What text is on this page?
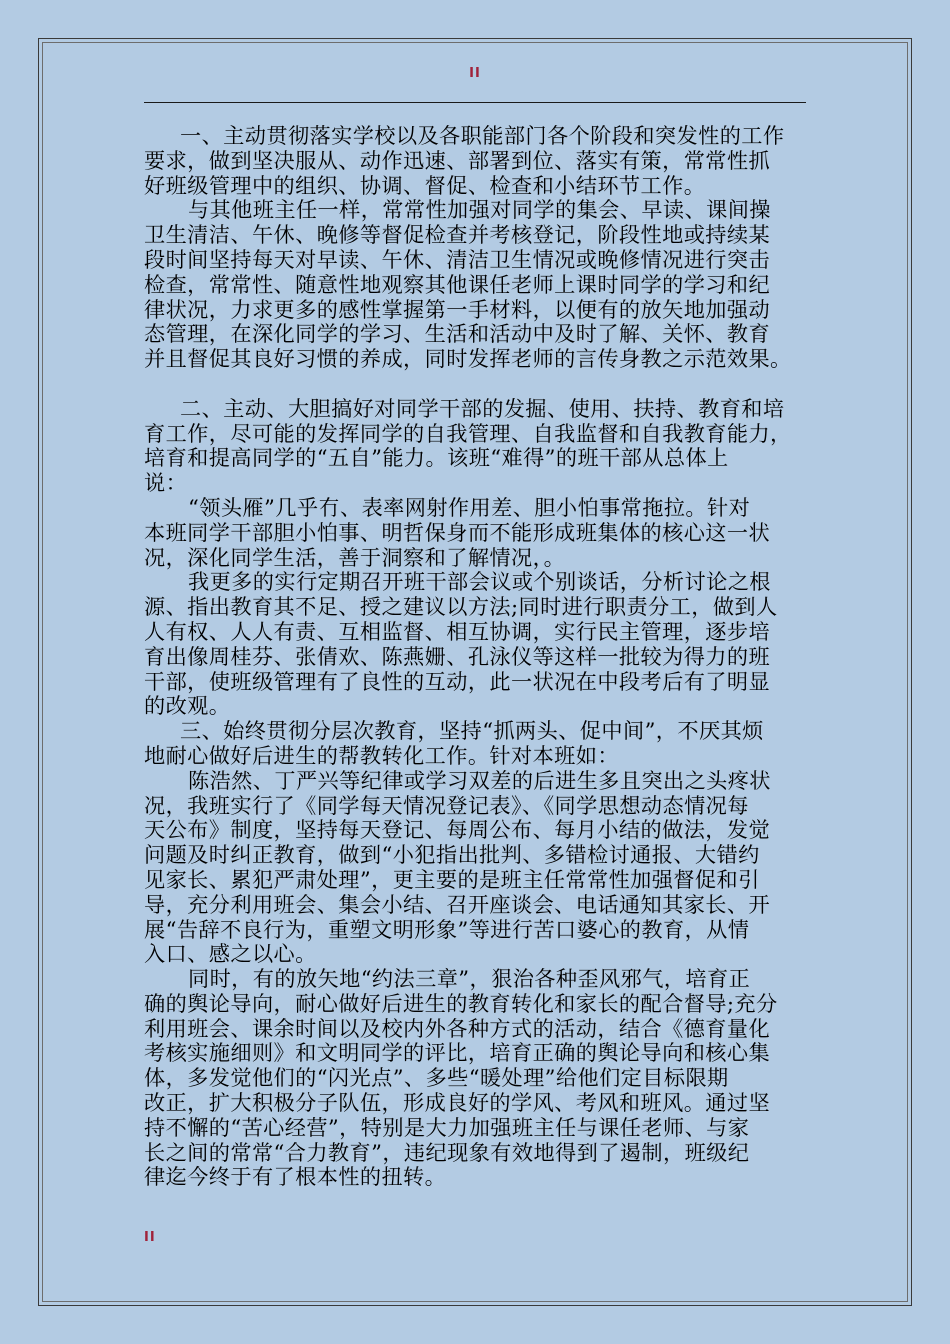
II

一、主动贯彻落实学校以及各职能部门各个阶段和突发性的工作

要求，做到坚决服从、动作迅速、部署到位、落实有策，常常性抓

好班级管理中的组织、协调、督促、检查和小结环节工作。

与其他班主任一样，常常性加强对同学的集会、早读、课间操

卫生清洁、午休、晚修等督促检查并考核登记，阶段性地或持续某

段时间坚持每天对早读、午休、清洁卫生情况或晚修情况进行突击

检查，常常性、随意性地观察其他课任老师上课时同学的学习和纪

律状况，力求更多的感性掌握第一手材料，以便有的放矢地加强动

态管理，在深化同学的学习、生活和活动中及时了解、关怀、教育

并且督促其良好习惯的养成，同时发挥老师的言传身教之示范效果。

二、主动、大胆搞好对同学干部的发掘、使用、扶持、教育和培

育工作，尽可能的发挥同学的自我管理、自我监督和自我教育能力，

培育和提高同学的“五自”能力。该班“难得”的班干部从总体上

说：

“领头雁”几乎冇、表率网射作用差、胆小怕事常拖拉。针对

本班同学干部胆小怕事、明哲保身而不能形成班集体的核心这一状

况，深化同学生活，善于洞察和了解情况，。

我更多的实行定期召开班干部会议或个别谈话，分析讨论之根

源、指出教育其不足、授之建议以方法;同时进行职责分工，做到人

人有权、人人有责、互相监督、相互协调，实行民主管理，逐步培

育出像周桂芬、张倩欢、陈燕姗、孔泳仪等这样一批较为得力的班

干部，使班级管理有了良性的互动，此一状况在中段考后有了明显

的改观。

三、始终贯彻分层次教育，坚持“抓两头、促中间”，不厌其烦

地耐心做好后进生的帮教转化工作。针对本班如：

陈浩然、丁严兴等纪律或学习双差的后进生多且突出之头疼状

况，我班实行了《同学每天情况登记表》、《同学思想动态情况每

天公布》制度，坚持每天登记、每周公布、每月小结的做法，发觉

问题及时纠正教育，做到“小犯指出批判、多错检讨通报、大错约

见家长、累犯严肃处理”，更主要的是班主任常常性加强督促和引

导，充分利用班会、集会小结、召开座谈会、电话通知其家长、开

展“告辞不良行为，重塑文明形象”等进行苦口婆心的教育，从情

入口、感之以心。

同时，有的放矢地“约法三章”，狠治各种歪风邪气，培育正

确的舆论导向，耐心做好后进生的教育转化和家长的配合督导;充分

利用班会、课余时间以及校内外各种方式的活动，结合《德育量化

考核实施细则》和文明同学的评比，培育正确的舆论导向和核心集

体，多发觉他们的“闪光点”、多些“暖处理”给他们定目标限期

改正，扩大积极分子队伍，形成良好的学风、考风和班风。通过坚

持不懈的“苦心经营”，特别是大力加强班主任与课任老师、与家

长之间的常常“合力教育”，违纪现象有效地得到了遏制，班级纪

律迄今终于有了根本性的扭转。

II
